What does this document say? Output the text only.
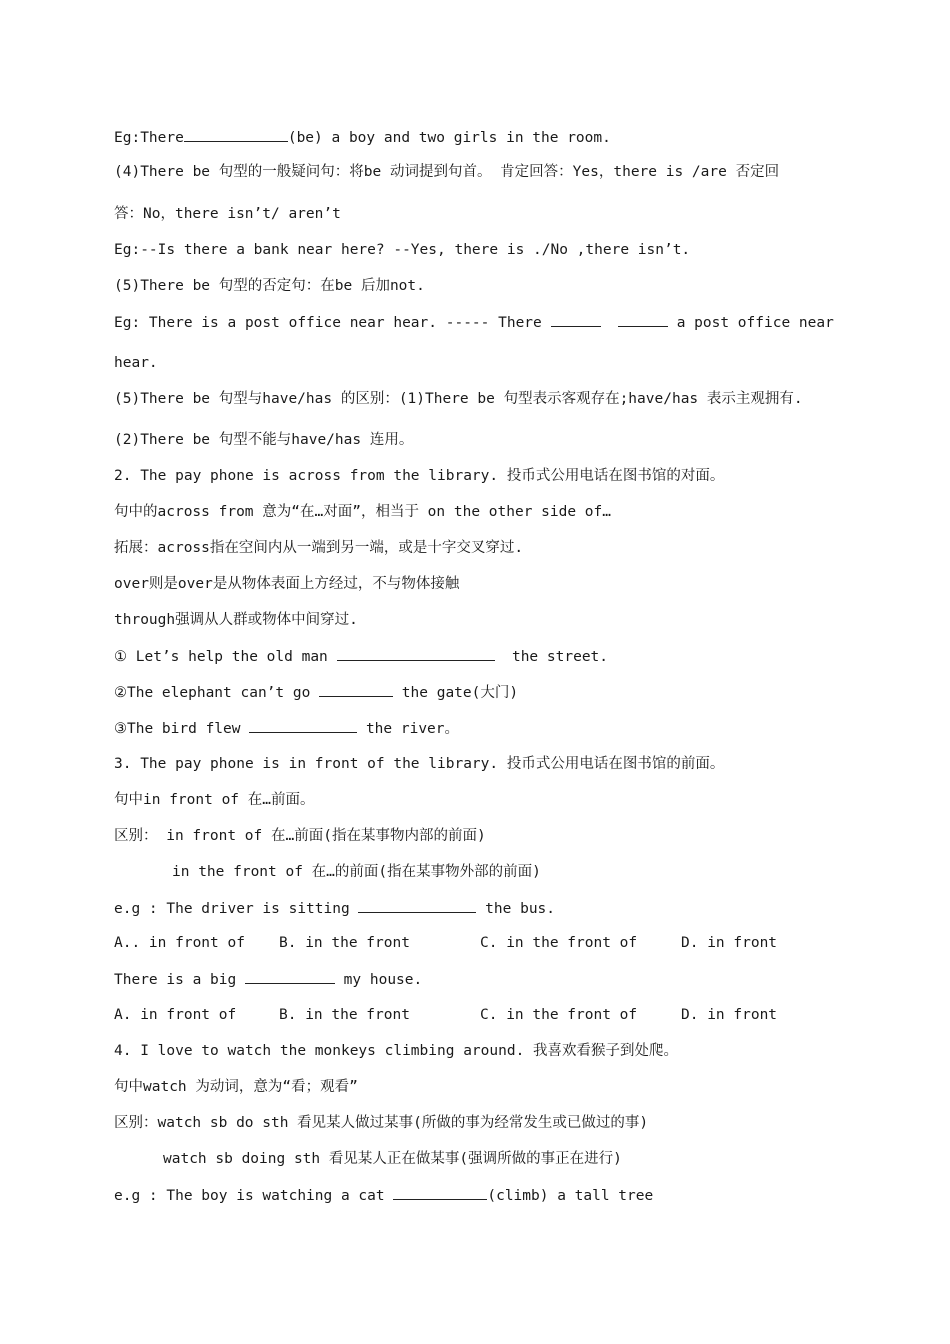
Eg:There	(be) a boy and two girls in the room.
(4)There be 句型的一般疑问句：将be 动词提到句首。 肯定回答：Yes，there is /are 否定回
答：No，there isn’t/ aren’t
Eg:--Is there a bank near here? --Yes, there is ./No ,there isn’t.
(5)There be 句型的否定句：在be 后加not.
Eg: There is a post office near hear. ----- There	a post office near
hear.
(5)There be 句型与have/has 的区别：(1)There be 句型表示客观存在;have/has 表示主观拥有.
(2)There be 句型不能与have/has 连用。
2. The pay phone is across from the library. 投币式公用电话在图书馆的对面。
句中的across from 意为“在…对面”，相当于 on the other side of…
拓展：across指在空间内从一端到另一端，或是十字交叉穿过.
over则是over是从物体表面上方经过，不与物体接触
through强调从人群或物体中间穿过.
① Let’s help the old man	the street.
②The elephant can’t go	the gate(大门)
③The bird flew	the river。
3. The pay phone is in front of the library. 投币式公用电话在图书馆的前面。
句中in front of 在…前面。
区别： in front of 在…前面(指在某事物内部的前面)
in the front of 在…的前面(指在某事物外部的前面)
e.g : The driver is sitting	the bus.
A.. in front of B. in the front	C. in the front of	D. in front
There is a big	my house.
A. in front of	B. in the front	C. in the front of	D. in front
4. I love to watch the monkeys climbing around. 我喜欢看猴子到处爬。
句中watch 为动词，意为“看；观看”
区别：watch sb do sth 看见某人做过某事(所做的事为经常发生或已做过的事)
watch sb doing sth 看见某人正在做某事(强调所做的事正在进行)
e.g : The boy is watching a cat	(climb) a tall tree
